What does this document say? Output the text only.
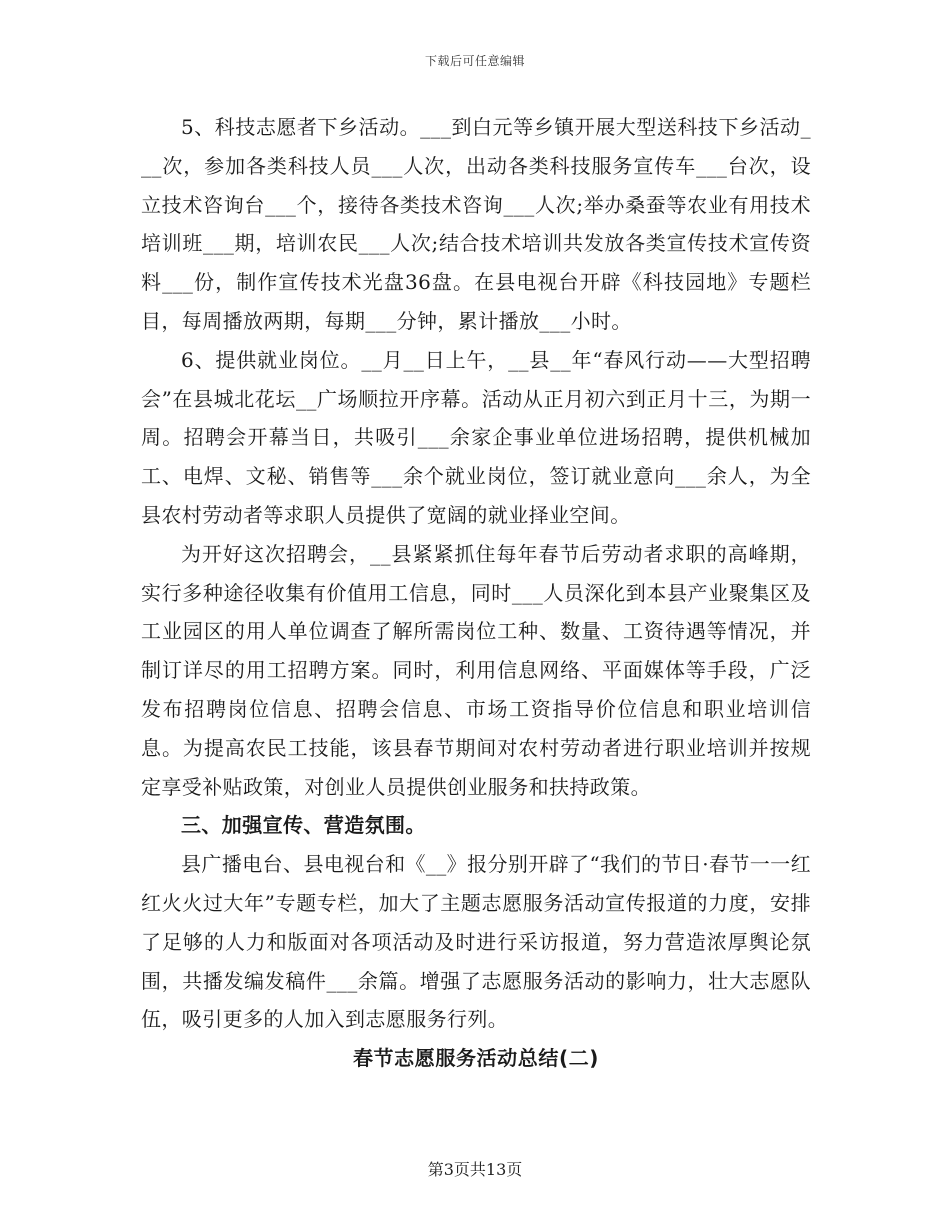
下载后可任意编辑

5、科技志愿者下乡活动。___到白元等乡镇开展大型送科技下乡活动___次，参加各类科技人员___人次，出动各类科技服务宣传车___台次，设立技术咨询台___个，接待各类技术咨询___人次;举办桑蚕等农业有用技术培训班___期，培训农民___人次;结合技术培训共发放各类宣传技术宣传资料___份，制作宣传技术光盘36盘。在县电视台开辟《科技园地》专题栏目，每周播放两期，每期___分钟，累计播放___小时。

6、提供就业岗位。__月__日上午，__县__年“春风行动——大型招聘会”在县城北花坛__广场顺拉开序幕。活动从正月初六到正月十三，为期一周。招聘会开幕当日，共吸引___余家企事业单位进场招聘，提供机械加工、电焊、文秘、销售等___余个就业岗位，签订就业意向___余人，为全县农村劳动者等求职人员提供了宽阔的就业择业空间。

为开好这次招聘会，__县紧紧抓住每年春节后劳动者求职的高峰期，实行多种途径收集有价值用工信息，同时___人员深化到本县产业聚集区及工业园区的用人单位调查了解所需岗位工种、数量、工资待遇等情况，并制订详尽的用工招聘方案。同时，利用信息网络、平面媒体等手段，广泛发布招聘岗位信息、招聘会信息、市场工资指导价位信息和职业培训信息。为提高农民工技能，该县春节期间对农村劳动者进行职业培训并按规定享受补贴政策，对创业人员提供创业服务和扶持政策。

三、加强宣传、营造氛围。

县广播电台、县电视台和《__》报分别开辟了“我们的节日·春节一一红红火火过大年”专题专栏，加大了主题志愿服务活动宣传报道的力度，安排了足够的人力和版面对各项活动及时进行采访报道，努力营造浓厚舆论氛围，共播发编发稿件___余篇。增强了志愿服务活动的影响力，壮大志愿队伍，吸引更多的人加入到志愿服务行列。

春节志愿服务活动总结(二)

第3页共13页
